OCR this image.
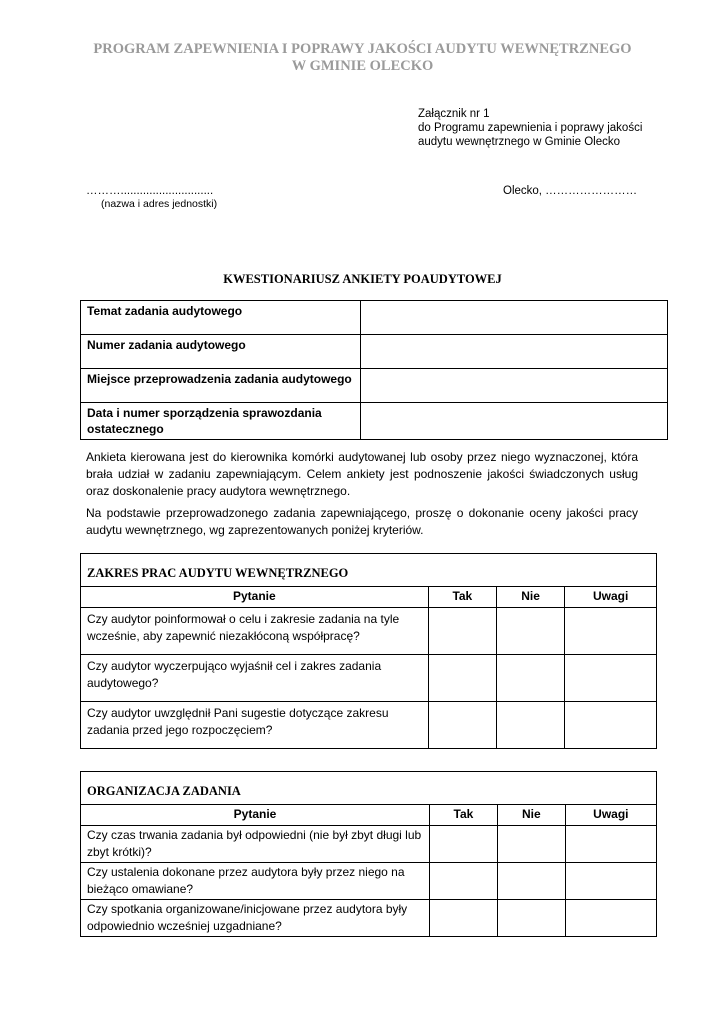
PROGRAM ZAPEWNIENIA I POPRAWY JAKOŚCI AUDYTU WEWNĘTRZNEGO
W GMINIE OLECKO
Załącznik nr 1
do Programu zapewnienia i poprawy jakości
audytu wewnętrznego w Gminie Olecko
……….............................
(nazwa i adres jednostki)
Olecko, ……………………
KWESTIONARIUSZ ANKIETY POAUDYTOWEJ
Temat zadania audytowego	
Numer zadania audytowego	
Miejsce przeprowadzenia zadania audytowego	
Data i numer sporządzenia sprawozdania ostatecznego	
Ankieta kierowana jest do kierownika komórki audytowanej lub osoby przez niego wyznaczonej, która brała udział w zadaniu zapewniającym. Celem ankiety jest podnoszenie jakości świadczonych usług oraz doskonalenie pracy audytora wewnętrznego.
Na podstawie przeprowadzonego zadania zapewniającego, proszę o dokonanie oceny jakości pracy audytu wewnętrznego, wg zaprezentowanych poniżej kryteriów.
ZAKRES PRAC AUDYTU WEWNĘTRZNEGO			
Pytanie	Tak	Nie	Uwagi
Czy audytor poinformował o celu i zakresie zadania na tyle wcześnie, aby zapewnić niezakłóconą współpracę?			
Czy audytor wyczerpująco wyjaśnił cel i zakres zadania audytowego?			
Czy audytor uwzględnił Pani sugestie dotyczące zakresu zadania przed jego rozpoczęciem?			
ORGANIZACJA ZADANIA			
Pytanie	Tak	Nie	Uwagi
Czy czas trwania zadania był odpowiedni (nie był zbyt długi lub zbyt krótki)?			
Czy ustalenia dokonane przez audytora były przez niego na bieżąco omawiane?			
Czy spotkania organizowane/inicjowane przez audytora były odpowiednio wcześniej uzgadniane?			
